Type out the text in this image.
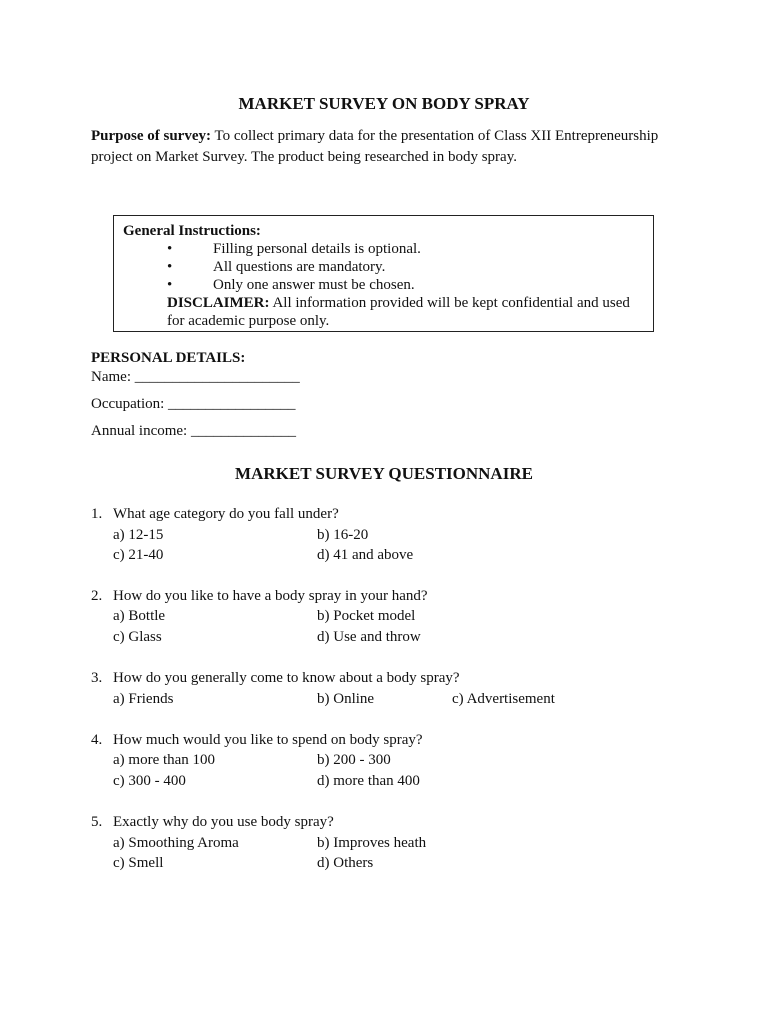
MARKET SURVEY ON BODY SPRAY
Purpose of survey: To collect primary data for the presentation of Class XII Entrepreneurship
project on Market Survey. The product being researched in body spray.
General Instructions:
•	Filling personal details is optional.
•	All questions are mandatory.
•	Only one answer must be chosen.
DISCLAIMER: All information provided will be kept confidential and used
for academic purpose only.
PERSONAL DETAILS:
Name: ______________________
Occupation: _________________
Annual income: ______________
MARKET SURVEY QUESTIONNAIRE
1. What age category do you fall under?
a) 12-15	b) 16-20
c) 21-40	d) 41 and above
2. How do you like to have a body spray in your hand?
a) Bottle	b) Pocket model
c) Glass	d) Use and throw
3. How do you generally come to know about a body spray?
a) Friends	b) Online	c) Advertisement
4. How much would you like to spend on body spray?
a) more than 100	b) 200 - 300
c) 300 - 400	d) more than 400
5. Exactly why do you use body spray?
a) Smoothing Aroma	b) Improves heath
c) Smell	d) Others
